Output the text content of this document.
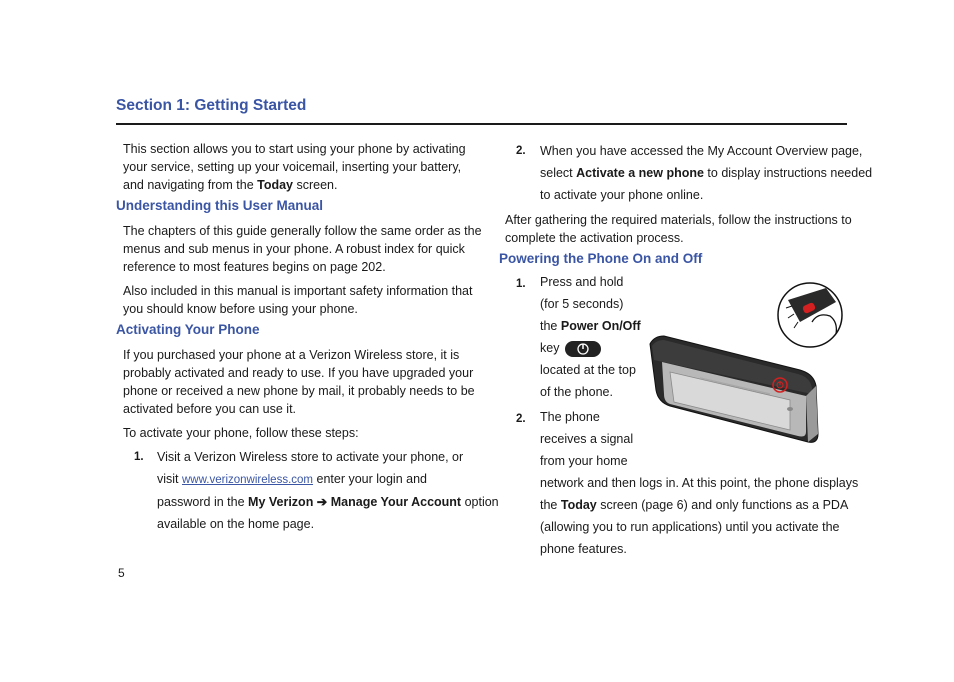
Section 1: Getting Started
This section allows you to start using your phone by activating
your service, setting up your voicemail, inserting your battery,
and navigating from the Today screen.
Understanding this User Manual
The chapters of this guide generally follow the same order as the
menus and sub menus in your phone. A robust index for quick
reference to most features begins on page 202.
Also included in this manual is important safety information that
you should know before using your phone.
Activating Your Phone
If you purchased your phone at a Verizon Wireless store, it is
probably activated and ready to use. If you have upgraded your
phone or received a new phone by mail, it probably needs to be
activated before you can use it.
To activate your phone, follow these steps:
1. Visit a Verizon Wireless store to activate your phone, or
visit www.verizonwireless.com enter your login and
password in the My Verizon ➔ Manage Your Account option
available on the home page.
5
2. When you have accessed the My Account Overview page,
select Activate a new phone to display instructions needed
to activate your phone online.
After gathering the required materials, follow the instructions to
complete the activation process.
Powering the Phone On and Off
1. Press and hold
(for 5 seconds)
the Power On/Off
key
located at the top
of the phone.
2. The phone
receives a signal
from your home
network and then logs in. At this point, the phone displays
the Today screen (page 6) and only functions as a PDA
(allowing you to run applications) until you activate the
phone features.
